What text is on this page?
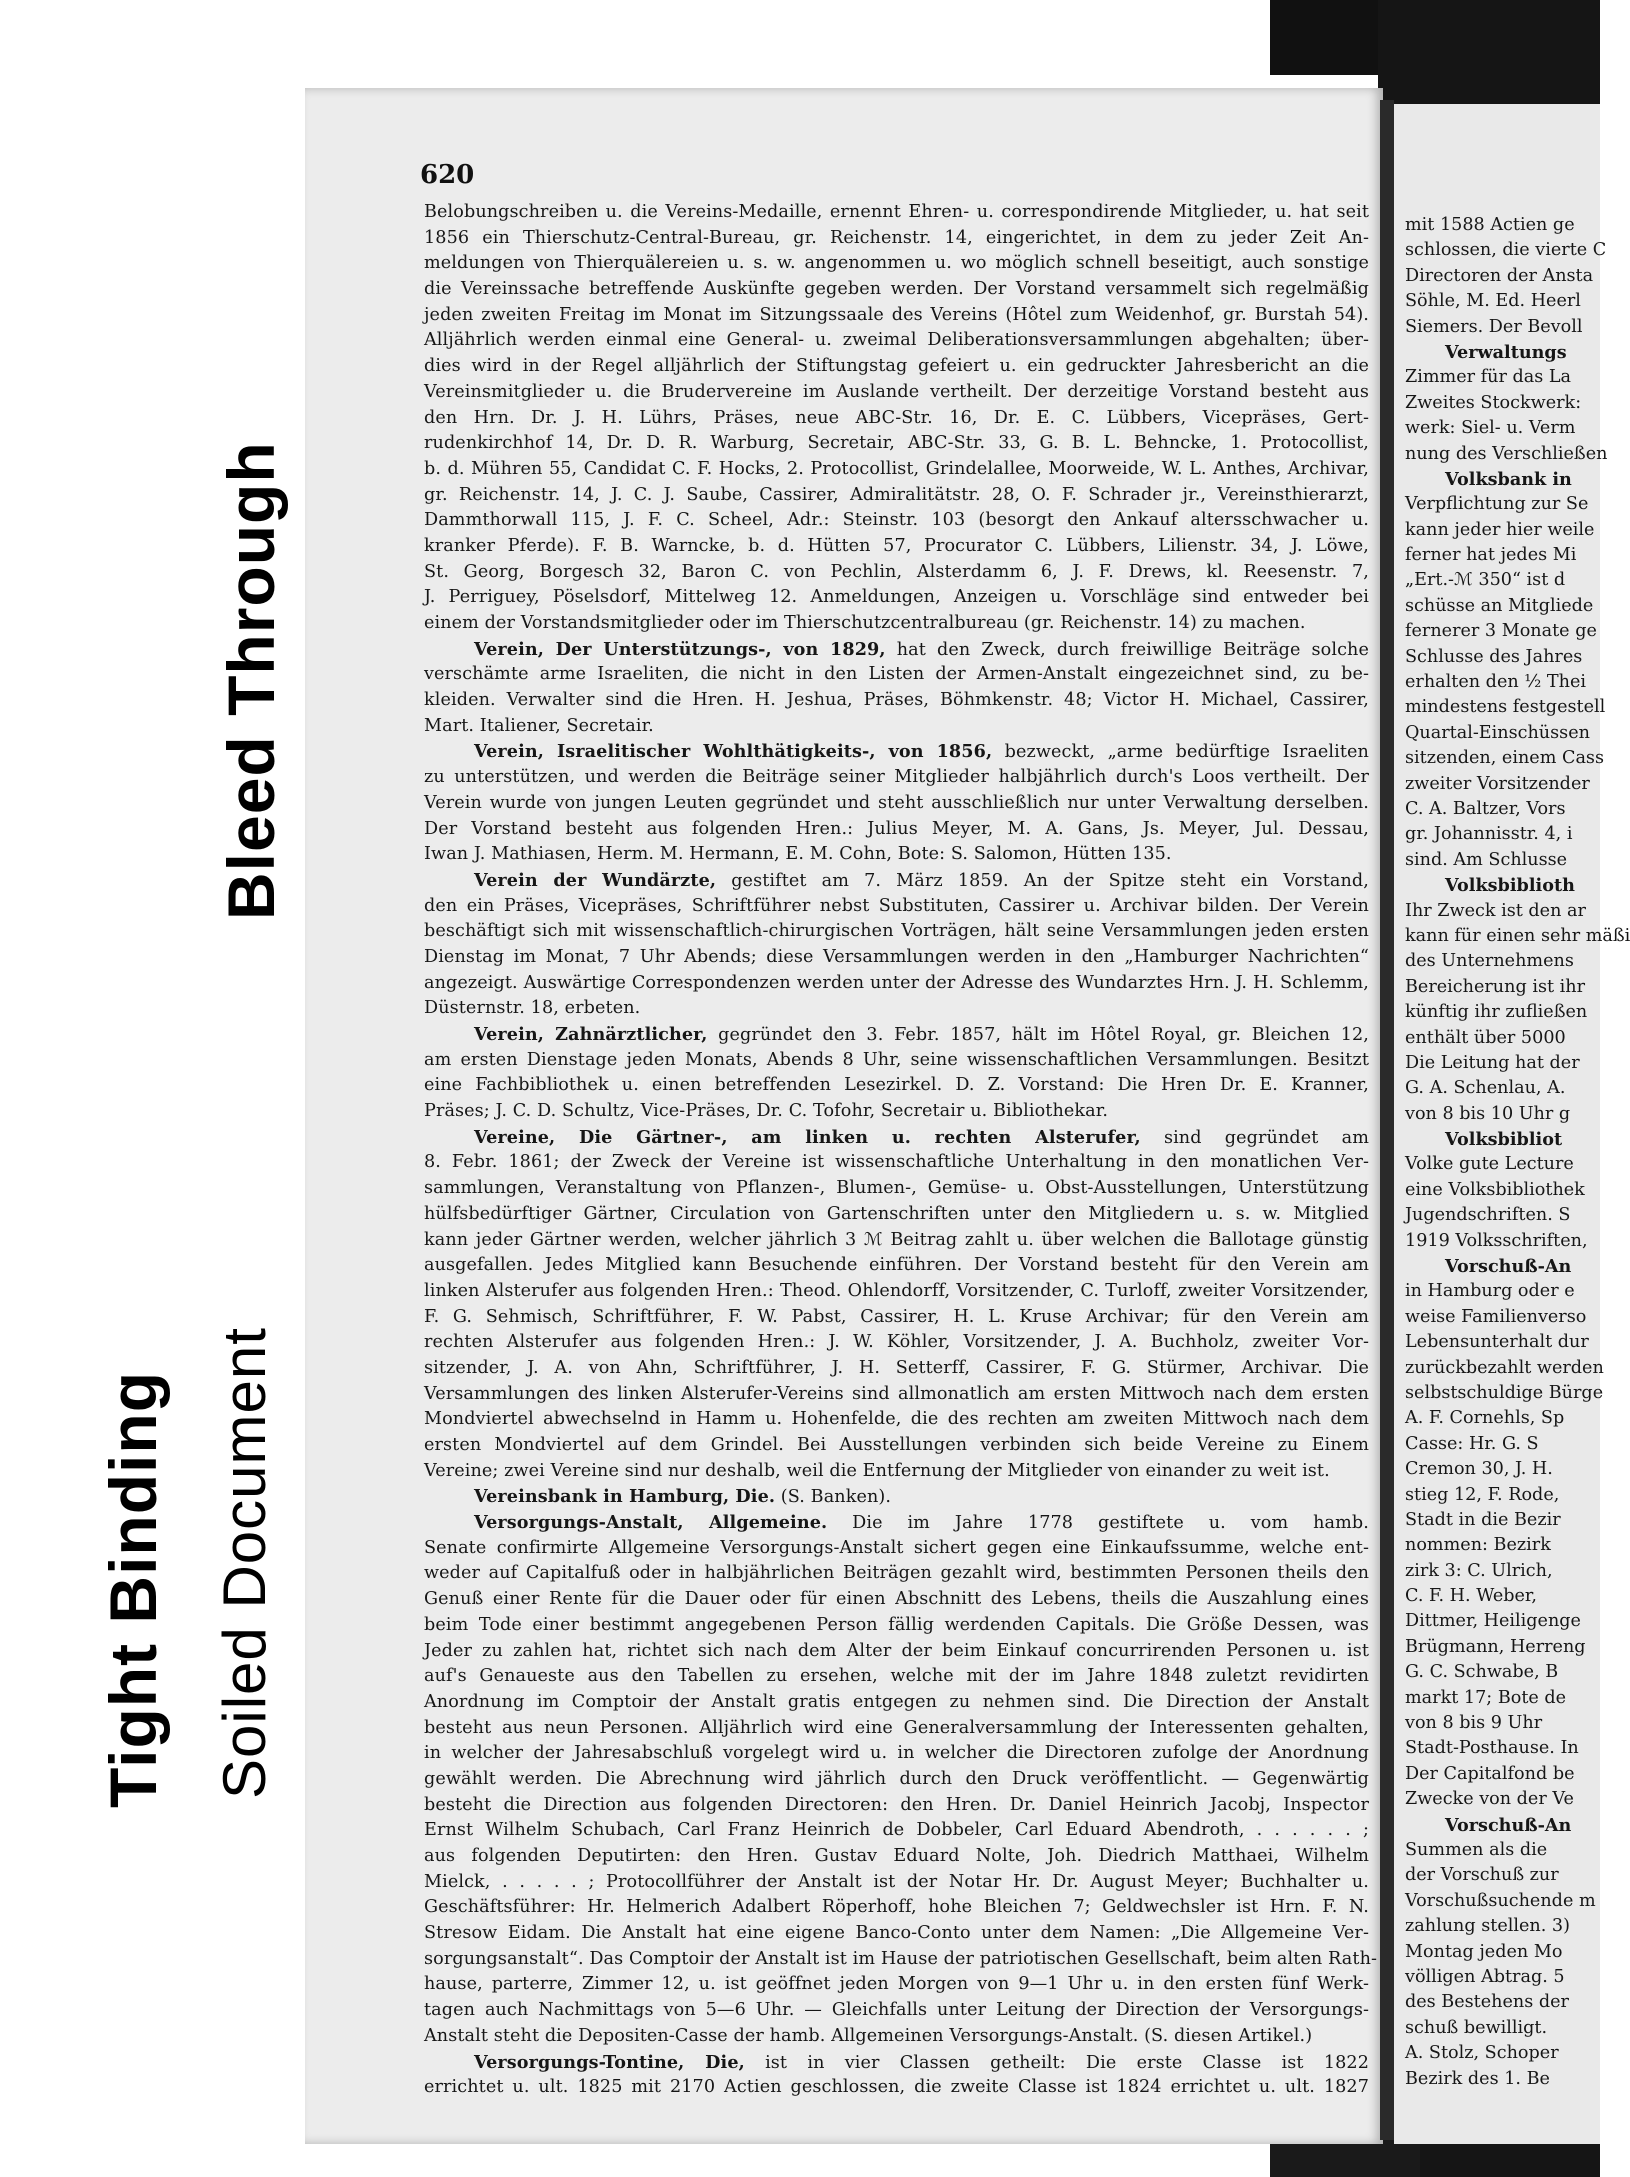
Bleed Through
Soiled Document
Tight Binding
620
Belobungschreiben u. die Vereins-Medaille, ernennt Ehren- u. correspondirende Mitglieder, u. hat seit
1856 ein Thierschutz-Central-Bureau, gr. Reichenstr. 14, eingerichtet, in dem zu jeder Zeit An-
meldungen von Thierquälereien u. s. w. angenommen u. wo möglich schnell beseitigt, auch sonstige
die Vereinssache betreffende Auskünfte gegeben werden. Der Vorstand versammelt sich regelmäßig
jeden zweiten Freitag im Monat im Sitzungssaale des Vereins (Hôtel zum Weidenhof, gr. Burstah 54).
Alljährlich werden einmal eine General- u. zweimal Deliberationsversammlungen abgehalten; über-
dies wird in der Regel alljährlich der Stiftungstag gefeiert u. ein gedruckter Jahresbericht an die
Vereinsmitglieder u. die Brudervereine im Auslande vertheilt. Der derzeitige Vorstand besteht aus
den Hrn. Dr. J. H. Lührs, Präses, neue ABC-Str. 16, Dr. E. C. Lübbers, Vicepräses, Gert-
rudenkirchhof 14, Dr. D. R. Warburg, Secretair, ABC-Str. 33, G. B. L. Behncke, 1. Protocollist,
b. d. Mühren 55, Candidat C. F. Hocks, 2. Protocollist, Grindelallee, Moorweide, W. L. Anthes, Archivar,
gr. Reichenstr. 14, J. C. J. Saube, Cassirer, Admiralitätstr. 28, O. F. Schrader jr., Vereinsthierarzt,
Dammthorwall 115, J. F. C. Scheel, Adr.: Steinstr. 103 (besorgt den Ankauf altersschwacher u.
kranker Pferde). F. B. Warncke, b. d. Hütten 57, Procurator C. Lübbers, Lilienstr. 34, J. Löwe,
St. Georg, Borgesch 32, Baron C. von Pechlin, Alsterdamm 6, J. F. Drews, kl. Reesenstr. 7,
J. Perriguey, Pöselsdorf, Mittelweg 12. Anmeldungen, Anzeigen u. Vorschläge sind entweder bei
einem der Vorstandsmitglieder oder im Thierschutzcentralbureau (gr. Reichenstr. 14) zu machen.
Verein, Der Unterstützungs-, von 1829, hat den Zweck, durch freiwillige Beiträge solche
verschämte arme Israeliten, die nicht in den Listen der Armen-Anstalt eingezeichnet sind, zu be-
kleiden. Verwalter sind die Hren. H. Jeshua, Präses, Böhmkenstr. 48; Victor H. Michael, Cassirer,
Mart. Italiener, Secretair.
Verein, Israelitischer Wohlthätigkeits-, von 1856, bezweckt, „arme bedürftige Israeliten
zu unterstützen, und werden die Beiträge seiner Mitglieder halbjährlich durch's Loos vertheilt. Der
Verein wurde von jungen Leuten gegründet und steht ausschließlich nur unter Verwaltung derselben.
Der Vorstand besteht aus folgenden Hren.: Julius Meyer, M. A. Gans, Js. Meyer, Jul. Dessau,
Iwan J. Mathiasen, Herm. M. Hermann, E. M. Cohn, Bote: S. Salomon, Hütten 135.
Verein der Wundärzte, gestiftet am 7. März 1859. An der Spitze steht ein Vorstand,
den ein Präses, Vicepräses, Schriftführer nebst Substituten, Cassirer u. Archivar bilden. Der Verein
beschäftigt sich mit wissenschaftlich-chirurgischen Vorträgen, hält seine Versammlungen jeden ersten
Dienstag im Monat, 7 Uhr Abends; diese Versammlungen werden in den „Hamburger Nachrichten“
angezeigt. Auswärtige Correspondenzen werden unter der Adresse des Wundarztes Hrn. J. H. Schlemm,
Düsternstr. 18, erbeten.
Verein, Zahnärztlicher, gegründet den 3. Febr. 1857, hält im Hôtel Royal, gr. Bleichen 12,
am ersten Dienstage jeden Monats, Abends 8 Uhr, seine wissenschaftlichen Versammlungen. Besitzt
eine Fachbibliothek u. einen betreffenden Lesezirkel. D. Z. Vorstand: Die Hren Dr. E. Kranner,
Präses; J. C. D. Schultz, Vice-Präses, Dr. C. Tofohr, Secretair u. Bibliothekar.
Vereine, Die Gärtner-, am linken u. rechten Alsterufer, sind gegründet am
8. Febr. 1861; der Zweck der Vereine ist wissenschaftliche Unterhaltung in den monatlichen Ver-
sammlungen, Veranstaltung von Pflanzen-, Blumen-, Gemüse- u. Obst-Ausstellungen, Unterstützung
hülfsbedürftiger Gärtner, Circulation von Gartenschriften unter den Mitgliedern u. s. w. Mitglied
kann jeder Gärtner werden, welcher jährlich 3 ℳ Beitrag zahlt u. über welchen die Ballotage günstig
ausgefallen. Jedes Mitglied kann Besuchende einführen. Der Vorstand besteht für den Verein am
linken Alsterufer aus folgenden Hren.: Theod. Ohlendorff, Vorsitzender, C. Turloff, zweiter Vorsitzender,
F. G. Sehmisch, Schriftführer, F. W. Pabst, Cassirer, H. L. Kruse Archivar; für den Verein am
rechten Alsterufer aus folgenden Hren.: J. W. Köhler, Vorsitzender, J. A. Buchholz, zweiter Vor-
sitzender, J. A. von Ahn, Schriftführer, J. H. Setterff, Cassirer, F. G. Stürmer, Archivar. Die
Versammlungen des linken Alsterufer-Vereins sind allmonatlich am ersten Mittwoch nach dem ersten
Mondviertel abwechselnd in Hamm u. Hohenfelde, die des rechten am zweiten Mittwoch nach dem
ersten Mondviertel auf dem Grindel. Bei Ausstellungen verbinden sich beide Vereine zu Einem
Vereine; zwei Vereine sind nur deshalb, weil die Entfernung der Mitglieder von einander zu weit ist.
Vereinsbank in Hamburg, Die. (S. Banken).
Versorgungs-Anstalt, Allgemeine. Die im Jahre 1778 gestiftete u. vom hamb.
Senate confirmirte Allgemeine Versorgungs-Anstalt sichert gegen eine Einkaufssumme, welche ent-
weder auf Capitalfuß oder in halbjährlichen Beiträgen gezahlt wird, bestimmten Personen theils den
Genuß einer Rente für die Dauer oder für einen Abschnitt des Lebens, theils die Auszahlung eines
beim Tode einer bestimmt angegebenen Person fällig werdenden Capitals. Die Größe Dessen, was
Jeder zu zahlen hat, richtet sich nach dem Alter der beim Einkauf concurrirenden Personen u. ist
auf's Genaueste aus den Tabellen zu ersehen, welche mit der im Jahre 1848 zuletzt revidirten
Anordnung im Comptoir der Anstalt gratis entgegen zu nehmen sind. Die Direction der Anstalt
besteht aus neun Personen. Alljährlich wird eine Generalversammlung der Interessenten gehalten,
in welcher der Jahresabschluß vorgelegt wird u. in welcher die Directoren zufolge der Anordnung
gewählt werden. Die Abrechnung wird jährlich durch den Druck veröffentlicht. — Gegenwärtig
besteht die Direction aus folgenden Directoren: den Hren. Dr. Daniel Heinrich Jacobj, Inspector
Ernst Wilhelm Schubach, Carl Franz Heinrich de Dobbeler, Carl Eduard Abendroth, . . . . . . ;
aus folgenden Deputirten: den Hren. Gustav Eduard Nolte, Joh. Diedrich Matthaei, Wilhelm
Mielck, . . . . . ; Protocollführer der Anstalt ist der Notar Hr. Dr. August Meyer; Buchhalter u.
Geschäftsführer: Hr. Helmerich Adalbert Röperhoff, hohe Bleichen 7; Geldwechsler ist Hrn. F. N.
Stresow Eidam. Die Anstalt hat eine eigene Banco-Conto unter dem Namen: „Die Allgemeine Ver-
sorgungsanstalt“. Das Comptoir der Anstalt ist im Hause der patriotischen Gesellschaft, beim alten Rath-
hause, parterre, Zimmer 12, u. ist geöffnet jeden Morgen von 9—1 Uhr u. in den ersten fünf Werk-
tagen auch Nachmittags von 5—6 Uhr. — Gleichfalls unter Leitung der Direction der Versorgungs-
Anstalt steht die Depositen-Casse der hamb. Allgemeinen Versorgungs-Anstalt. (S. diesen Artikel.)
Versorgungs-Tontine, Die, ist in vier Classen getheilt: Die erste Classe ist 1822
errichtet u. ult. 1825 mit 2170 Actien geschlossen, die zweite Classe ist 1824 errichtet u. ult. 1827
mit 1588 Actien ge
schlossen, die vierte C
Directoren der Ansta
Söhle, M. Ed. Heerl
Siemers. Der Bevoll
Verwaltungs
Zimmer für das La
Zweites Stockwerk:
werk: Siel- u. Verm
nung des Verschließen
Volksbank in
Verpflichtung zur Se
kann jeder hier weile
ferner hat jedes Mi
„Ert.-ℳ 350“ ist d
schüsse an Mitgliede
fernerer 3 Monate ge
Schlusse des Jahres
erhalten den ½ Thei
mindestens festgestell
Quartal-Einschüssen
sitzenden, einem Cass
zweiter Vorsitzender
C. A. Baltzer, Vors
gr. Johannisstr. 4, i
sind. Am Schlusse
Volksbiblioth
Ihr Zweck ist den ar
kann für einen sehr mäßi
des Unternehmens
Bereicherung ist ihr
künftig ihr zufließen
enthält über 5000
Die Leitung hat der
G. A. Schenlau, A.
von 8 bis 10 Uhr g
Volksbibliot
Volke gute Lecture
eine Volksbibliothek
Jugendschriften. S
1919 Volksschriften,
Vorschuß-An
in Hamburg oder e
weise Familienverso
Lebensunterhalt dur
zurückbezahlt werden
selbstschuldige Bürge
A. F. Cornehls, Sp
Casse: Hr. G. S
Cremon 30, J. H.
stieg 12, F. Rode,
Stadt in die Bezir
nommen: Bezirk
zirk 3: C. Ulrich,
C. F. H. Weber,
Dittmer, Heiligenge
Brügmann, Herreng
G. C. Schwabe, B
markt 17; Bote de
von 8 bis 9 Uhr
Stadt-Posthause. In
Der Capitalfond be
Zwecke von der Ve
Vorschuß-An
Summen als die
der Vorschuß zur
Vorschußsuchende m
zahlung stellen. 3)
Montag jeden Mo
völligen Abtrag. 5
des Bestehens der
schuß bewilligt.
A. Stolz, Schoper
Bezirk des 1. Be
